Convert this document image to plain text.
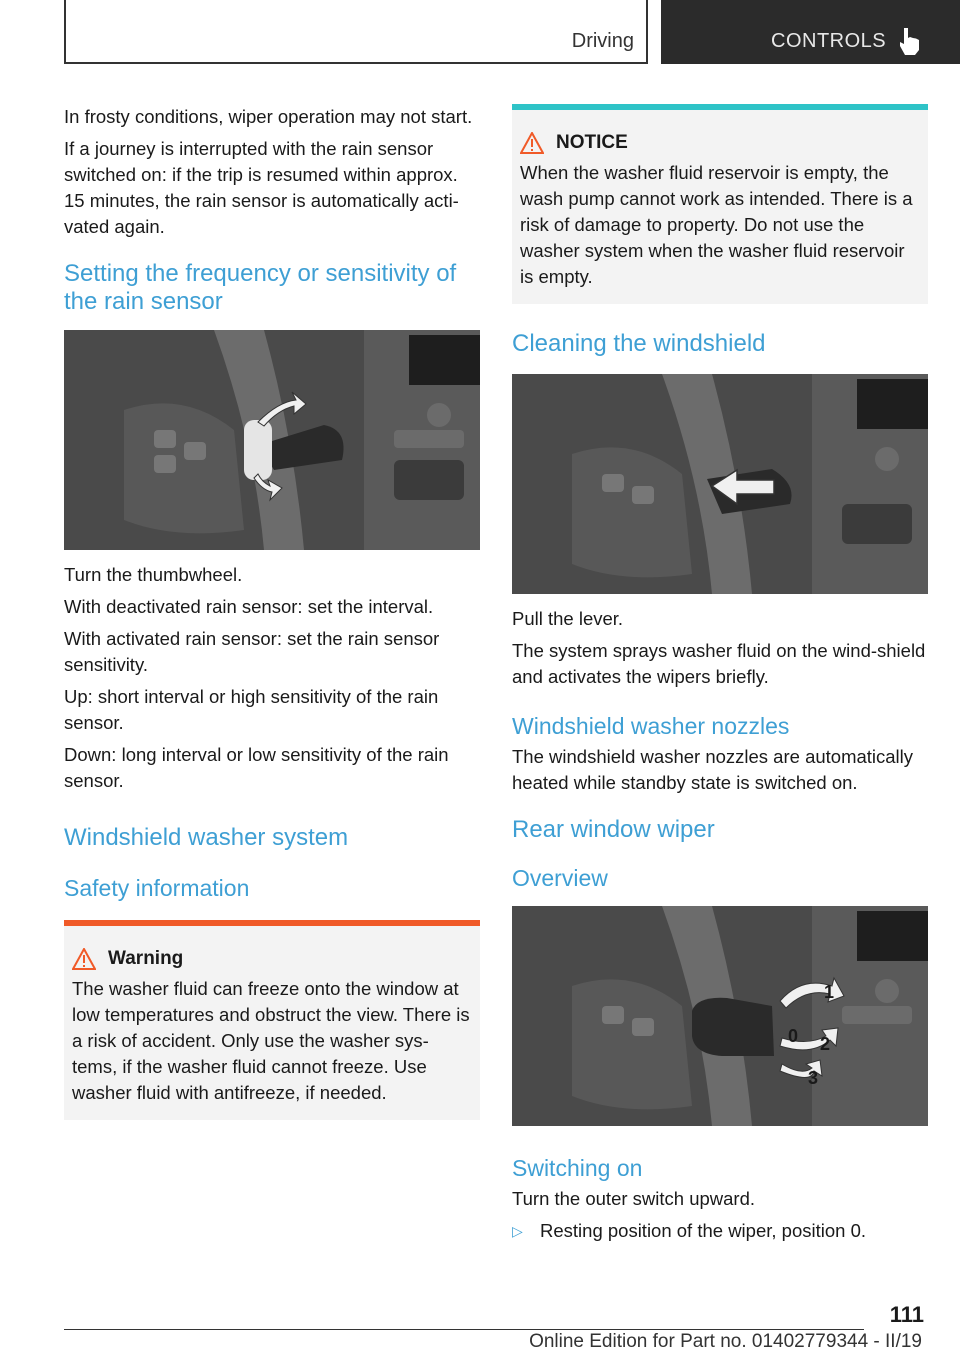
Driving	CONTROLS

In frosty conditions, wiper operation may not start.

If a journey is interrupted with the rain sensor switched on: if the trip is resumed within approx. 15 minutes, the rain sensor is automatically acti‐vated again.

Setting the frequency or sensitivity of the rain sensor

Turn the thumbwheel.

With deactivated rain sensor: set the interval.

With activated rain sensor: set the rain sensor sensitivity.

Up: short interval or high sensitivity of the rain sensor.

Down: long interval or low sensitivity of the rain sensor.

Windshield washer system
Safety information
Warning

The washer fluid can freeze onto the window at low temperatures and obstruct the view. There is a risk of accident. Only use the washer sys‐tems, if the washer fluid cannot freeze. Use washer fluid with antifreeze, if needed.

NOTICE

When the washer fluid reservoir is empty, the wash pump cannot work as intended. There is a risk of damage to property. Do not use the washer system when the washer fluid reservoir is empty.

Cleaning the windshield

Pull the lever.

The system sprays washer fluid on the wind‐shield and activates the wipers briefly.

Windshield washer nozzles

The windshield washer nozzles are automatically heated while standby state is switched on.

Rear window wiper
Overview
0
1
2
3
Switching on

Turn the outer switch upward.

▷ Resting position of the wiper, position 0.
111
Online Edition for Part no. 01402779344 - II/19
